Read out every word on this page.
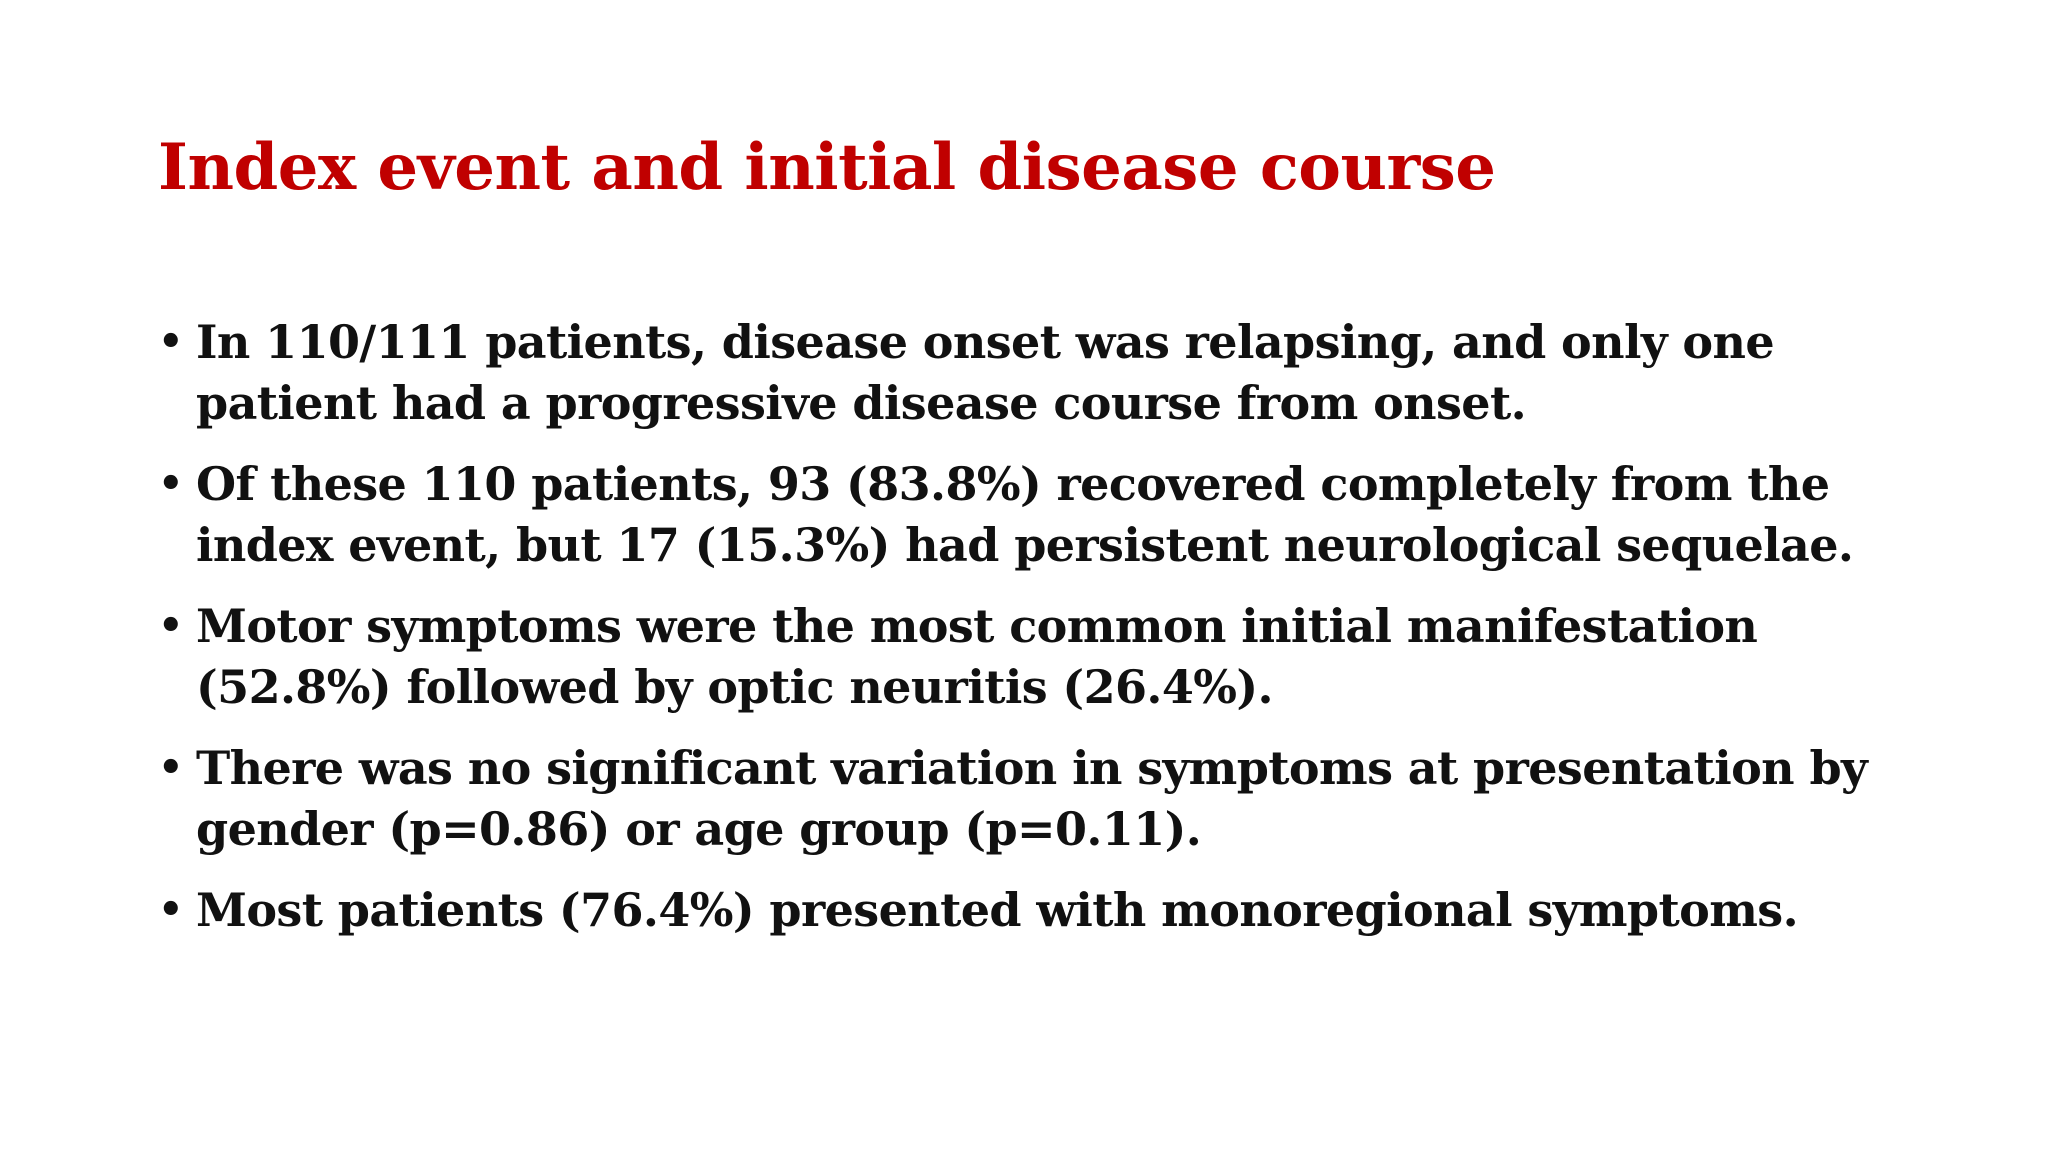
Index event and initial disease course
• In 110/111 patients, disease onset was relapsing, and only one patient had a progressive disease course from onset.
• Of these 110 patients, 93 (83.8%) recovered completely from the index event, but 17 (15.3%) had persistent neurological sequelae.
• Motor symptoms were the most common initial manifestation (52.8%) followed by optic neuritis (26.4%).
• There was no significant variation in symptoms at presentation by gender (p=0.86) or age group (p=0.11).
• Most patients (76.4%) presented with monoregional symptoms.
